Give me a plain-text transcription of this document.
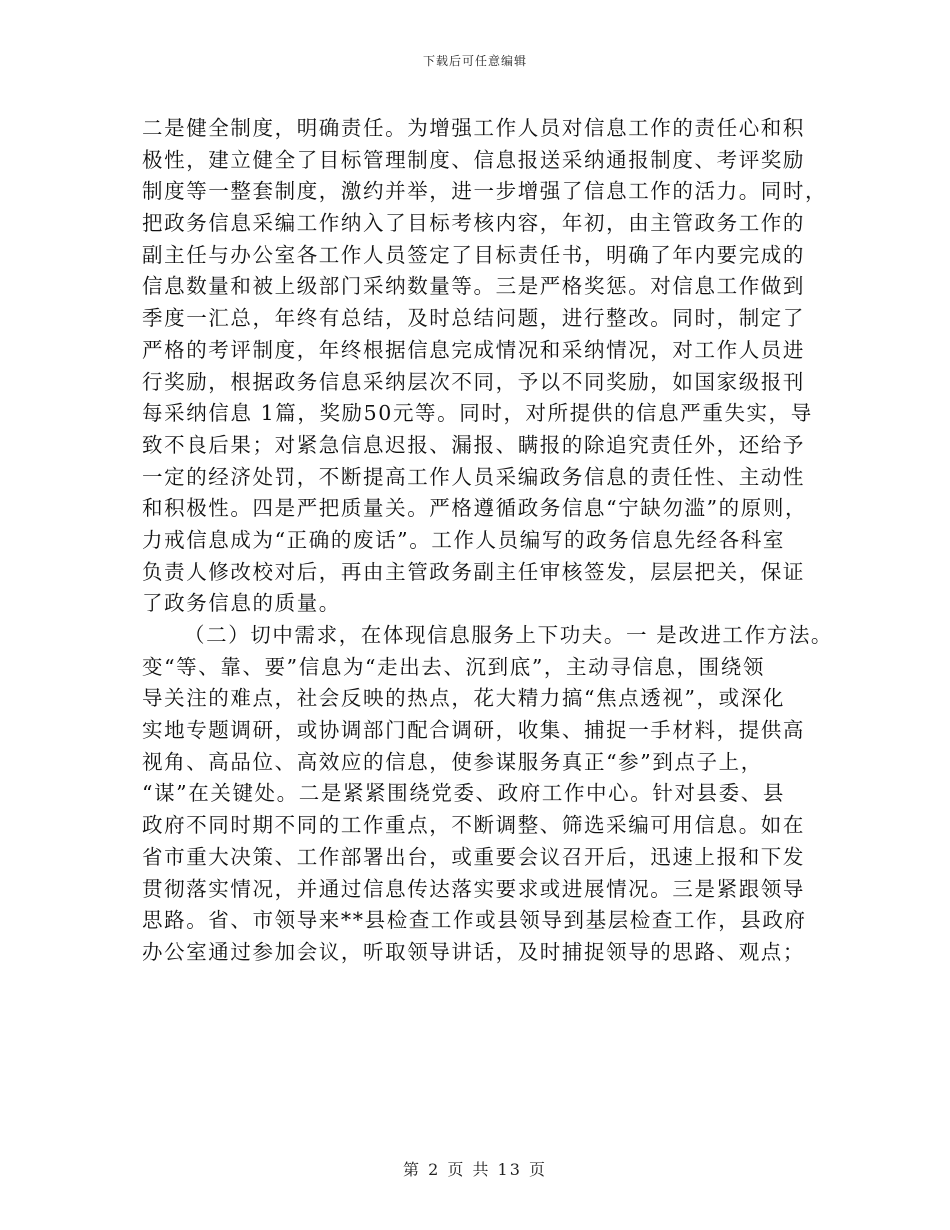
下载后可任意编辑
二是健全制度，明确责任。为增强工作人员对信息工作的责任心和积
极性，建立健全了目标管理制度、信息报送采纳通报制度、考评奖励
制度等一整套制度，激约并举，进一步增强了信息工作的活力。同时，
把政务信息采编工作纳入了目标考核内容，年初，由主管政务工作的
副主任与办公室各工作人员签定了目标责任书，明确了年内要完成的
信息数量和被上级部门采纳数量等。三是严格奖惩。对信息工作做到
季度一汇总，年终有总结，及时总结问题，进行整改。同时，制定了
严格的考评制度，年终根据信息完成情况和采纳情况，对工作人员进
行奖励，根据政务信息采纳层次不同，予以不同奖励，如国家级报刊
每采纳信息 1篇，奖励50元等。同时，对所提供的信息严重失实，导
致不良后果；对紧急信息迟报、漏报、瞒报的除追究责任外，还给予
一定的经济处罚，不断提高工作人员采编政务信息的责任性、主动性
和积极性。四是严把质量关。严格遵循政务信息“宁缺勿滥”的原则，
力戒信息成为“正确的废话”。工作人员编写的政务信息先经各科室
负责人修改校对后，再由主管政务副主任审核签发，层层把关，保证
了政务信息的质量。
（二）切中需求，在体现信息服务上下功夫。一 是改进工作方法。
变“等、靠、要”信息为“走出去、沉到底”，主动寻信息，围绕领
导关注的难点，社会反映的热点，花大精力搞“焦点透视”，或深化
实地专题调研，或协调部门配合调研，收集、捕捉一手材料，提供高
视角、高品位、高效应的信息，使参谋服务真正“参”到点子上，
“谋”在关键处。二是紧紧围绕党委、政府工作中心。针对县委、县
政府不同时期不同的工作重点，不断调整、筛选采编可用信息。如在
省市重大决策、工作部署出台，或重要会议召开后，迅速上报和下发
贯彻落实情况，并通过信息传达落实要求或进展情况。三是紧跟领导
思路。省、市领导来**县检查工作或县领导到基层检查工作，县政府
办公室通过参加会议，听取领导讲话，及时捕捉领导的思路、观点；
第 2 页 共 13 页
